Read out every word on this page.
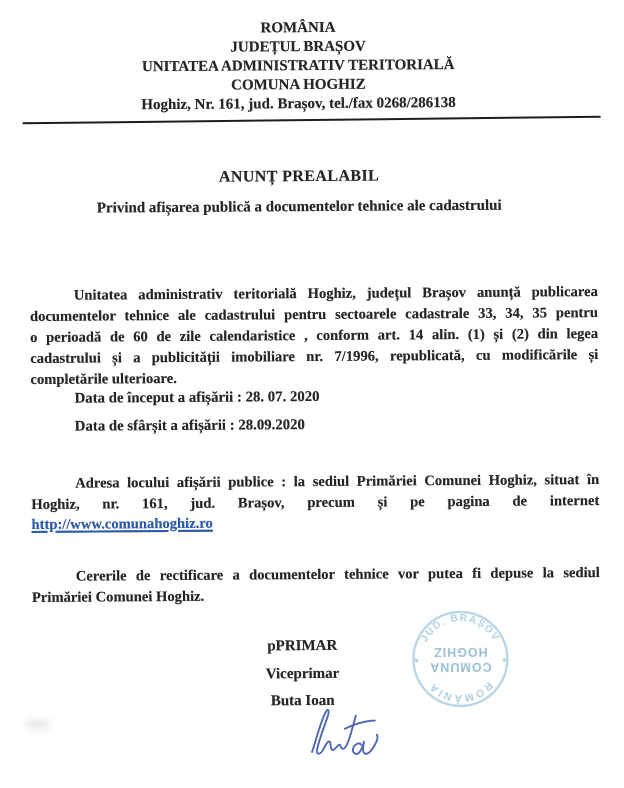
ROMÂNIA
JUDEȚUL BRAȘOV
UNITATEA ADMINISTRATIV TERITORIALĂ
COMUNA HOGHIZ
Hoghiz, Nr. 161, jud. Brașov, tel./fax 0268/286138
ANUNȚ PREALABIL
Privind afișarea publică a documentelor tehnice ale cadastrului
Unitatea administrativ teritorială Hoghiz, județul Brașov anunță publicarea
documentelor tehnice ale cadastrului pentru sectoarele cadastrale 33, 34, 35 pentru
o perioadă de 60 de zile calendaristice , conform art. 14 alin. (1) și (2) din legea
cadastrului și a publicității imobiliare nr. 7/1996, republicată, cu modificările și
completările ulterioare.
Data de început a afișării : 28. 07. 2020
Data de sfârșit a afișării : 28.09.2020
Adresa locului afișării publice : la sediul Primăriei Comunei Hoghiz, situat în
Hoghiz, nr. 161, jud. Brașov, precum și pe pagina de internet
http://www.comunahoghiz.ro
Cererile de rectificare a documentelor tehnice vor putea fi depuse la sediul
Primăriei Comunei Hoghiz.
pPRIMAR
Viceprimar
Buta Ioan
ROMÂNIA
JUD. BRAȘOV
COMUNA
HOGHIZ *
*
